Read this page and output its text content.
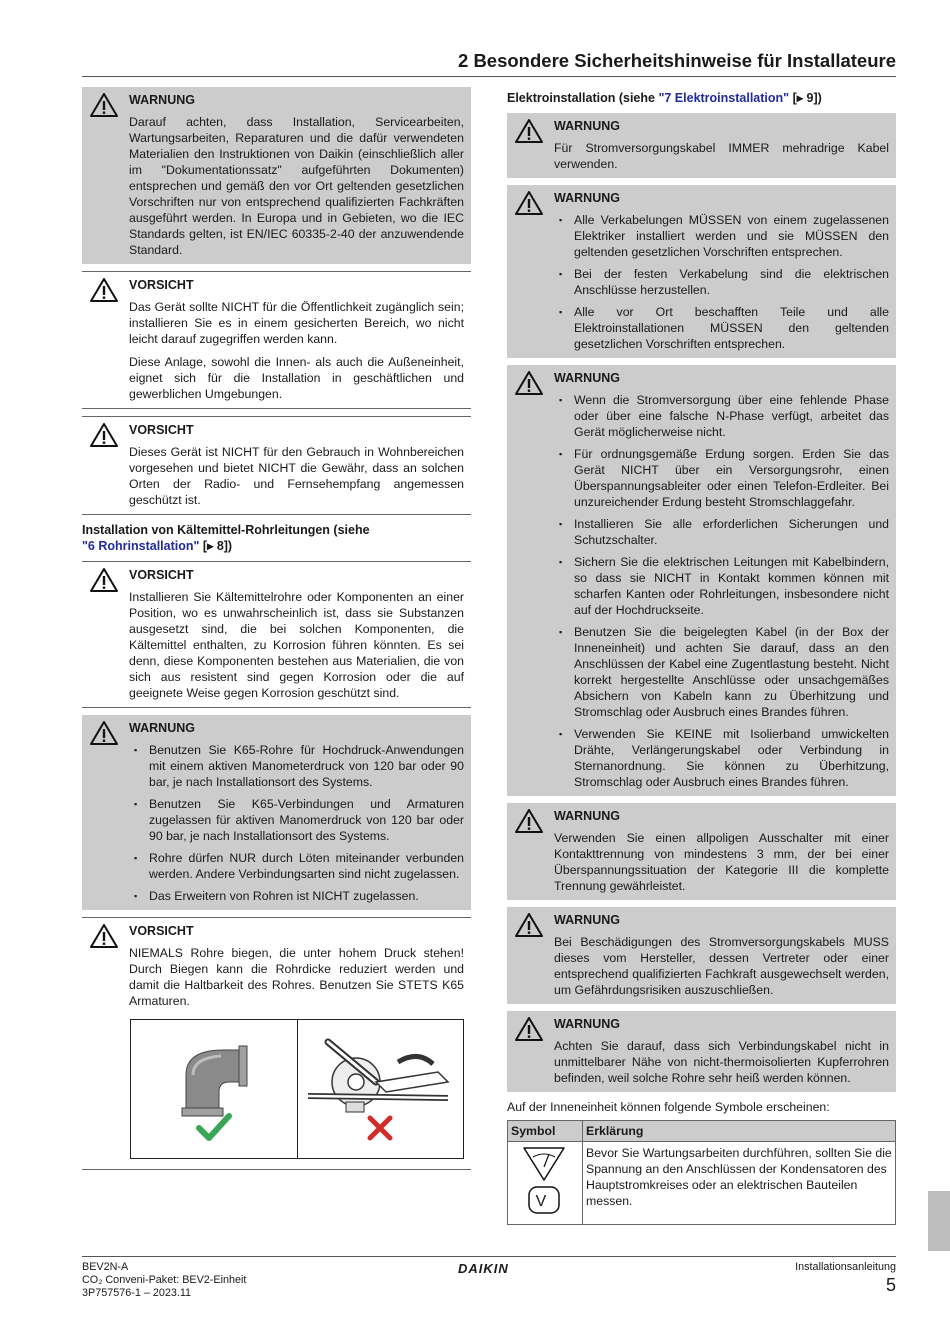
2 Besondere Sicherheitshinweise für Installateure
WARNUNG
Darauf achten, dass Installation, Servicearbeiten, Wartungsarbeiten, Reparaturen und die dafür verwendeten Materialien den Instruktionen von Daikin (einschließlich aller im "Dokumentationssatz" aufgeführten Dokumenten) entsprechen und gemäß den vor Ort geltenden gesetzlichen Vorschriften nur von entsprechend qualifizierten Fachkräften ausgeführt werden. In Europa und in Gebieten, wo die IEC Standards gelten, ist EN/IEC 60335-2-40 der anzuwendende Standard.
VORSICHT
Das Gerät sollte NICHT für die Öffentlichkeit zugänglich sein; installieren Sie es in einem gesicherten Bereich, wo nicht leicht darauf zugegriffen werden kann.
Diese Anlage, sowohl die Innen- als auch die Außeneinheit, eignet sich für die Installation in geschäftlichen und gewerblichen Umgebungen.
VORSICHT
Dieses Gerät ist NICHT für den Gebrauch in Wohnbereichen vorgesehen und bietet NICHT die Gewähr, dass an solchen Orten der Radio- und Fernsehempfang angemessen geschützt ist.
Installation von Kältemittel-Rohrleitungen (siehe
"6 Rohrinstallation" [▸ 8])
VORSICHT
Installieren Sie Kältemittelrohre oder Komponenten an einer Position, wo es unwahrscheinlich ist, dass sie Substanzen ausgesetzt sind, die bei solchen Komponenten, die Kältemittel enthalten, zu Korrosion führen könnten. Es sei denn, diese Komponenten bestehen aus Materialien, die von sich aus resistent sind gegen Korrosion oder die auf geeignete Weise gegen Korrosion geschützt sind.
WARNUNG
▪ Benutzen Sie K65-Rohre für Hochdruck-Anwendungen mit einem aktiven Manometerdruck von 120 bar oder 90 bar, je nach Installationsort des Systems.
▪ Benutzen Sie K65-Verbindungen und Armaturen zugelassen für aktiven Manomerdruck von 120 bar oder 90 bar, je nach Installationsort des Systems.
▪ Rohre dürfen NUR durch Löten miteinander verbunden werden. Andere Verbindungsarten sind nicht zugelassen.
▪ Das Erweitern von Rohren ist NICHT zugelassen.
VORSICHT
NIEMALS Rohre biegen, die unter hohem Druck stehen! Durch Biegen kann die Rohrdicke reduziert werden und damit die Haltbarkeit des Rohres. Benutzen Sie STETS K65 Armaturen.
Elektroinstallation (siehe "7 Elektroinstallation" [▸ 9])
WARNUNG
Für Stromversorgungskabel IMMER mehradrige Kabel verwenden.
WARNUNG
▪ Alle Verkabelungen MÜSSEN von einem zugelassenen Elektriker installiert werden und sie MÜSSEN den geltenden gesetzlichen Vorschriften entsprechen.
▪ Bei der festen Verkabelung sind die elektrischen Anschlüsse herzustellen.
▪ Alle vor Ort beschafften Teile und alle Elektroinstallationen MÜSSEN den geltenden gesetzlichen Vorschriften entsprechen.
WARNUNG
▪ Wenn die Stromversorgung über eine fehlende Phase oder über eine falsche N-Phase verfügt, arbeitet das Gerät möglicherweise nicht.
▪ Für ordnungsgemäße Erdung sorgen. Erden Sie das Gerät NICHT über ein Versorgungsrohr, einen Überspannungsableiter oder einen Telefon-Erdleiter. Bei unzureichender Erdung besteht Stromschlaggefahr.
▪ Installieren Sie alle erforderlichen Sicherungen und Schutzschalter.
▪ Sichern Sie die elektrischen Leitungen mit Kabelbindern, so dass sie NICHT in Kontakt kommen können mit scharfen Kanten oder Rohrleitungen, insbesondere nicht auf der Hochdruckseite.
▪ Benutzen Sie die beigelegten Kabel (in der Box der Inneneinheit) und achten Sie darauf, dass an den Anschlüssen der Kabel eine Zugentlastung besteht. Nicht korrekt hergestellte Anschlüsse oder unsachgemäßes Absichern von Kabeln kann zu Überhitzung und Stromschlag oder Ausbruch eines Brandes führen.
▪ Verwenden Sie KEINE mit Isolierband umwickelten Drähte, Verlängerungskabel oder Verbindung in Sternanordnung. Sie können zu Überhitzung, Stromschlag oder Ausbruch eines Brandes führen.
WARNUNG
Verwenden Sie einen allpoligen Ausschalter mit einer Kontakttrennung von mindestens 3 mm, der bei einer Überspannungssituation der Kategorie III die komplette Trennung gewährleistet.
WARNUNG
Bei Beschädigungen des Stromversorgungskabels MUSS dieses vom Hersteller, dessen Vertreter oder einer entsprechend qualifizierten Fachkraft ausgewechselt werden, um Gefährdungsrisiken auszuschließen.
WARNUNG
Achten Sie darauf, dass sich Verbindungskabel nicht in unmittelbarer Nähe von nicht-thermoisolierten Kupferrohren befinden, weil solche Rohre sehr heiß werden können.
Auf der Inneneinheit können folgende Symbole erscheinen:
Symbol	Erklärung

V	Bevor Sie Wartungsarbeiten durchführen, sollten Sie die Spannung an den Anschlüssen der Kondensatoren des Hauptstromkreises oder an elektrischen Bauteilen messen.
BEV2N-A
CO₂ Conveni-Paket: BEV2-Einheit
3P757576-1 – 2023.11
DAIKIN	Installationsanleitung
5
